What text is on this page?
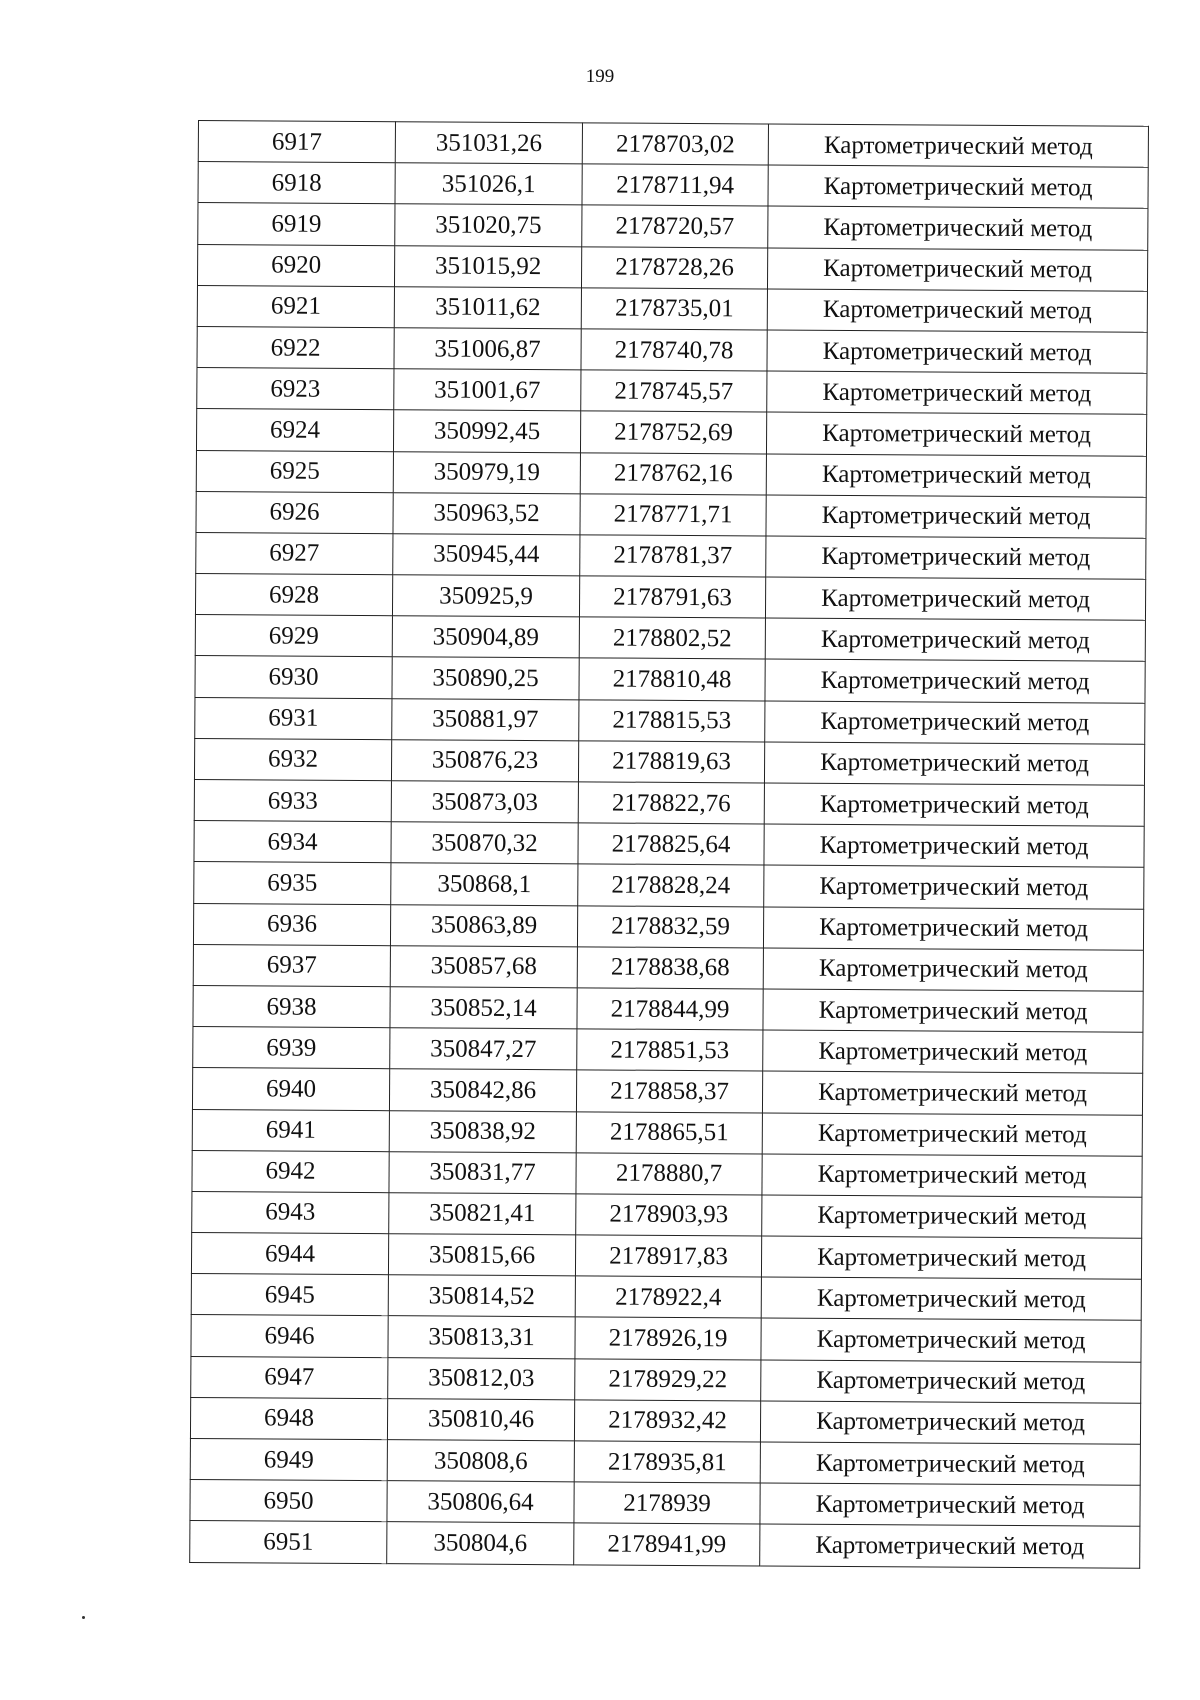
199
6917	351031,26	2178703,02	Картометрический метод
6918	351026,1	2178711,94	Картометрический метод
6919	351020,75	2178720,57	Картометрический метод
6920	351015,92	2178728,26	Картометрический метод
6921	351011,62	2178735,01	Картометрический метод
6922	351006,87	2178740,78	Картометрический метод
6923	351001,67	2178745,57	Картометрический метод
6924	350992,45	2178752,69	Картометрический метод
6925	350979,19	2178762,16	Картометрический метод
6926	350963,52	2178771,71	Картометрический метод
6927	350945,44	2178781,37	Картометрический метод
6928	350925,9	2178791,63	Картометрический метод
6929	350904,89	2178802,52	Картометрический метод
6930	350890,25	2178810,48	Картометрический метод
6931	350881,97	2178815,53	Картометрический метод
6932	350876,23	2178819,63	Картометрический метод
6933	350873,03	2178822,76	Картометрический метод
6934	350870,32	2178825,64	Картометрический метод
6935	350868,1	2178828,24	Картометрический метод
6936	350863,89	2178832,59	Картометрический метод
6937	350857,68	2178838,68	Картометрический метод
6938	350852,14	2178844,99	Картометрический метод
6939	350847,27	2178851,53	Картометрический метод
6940	350842,86	2178858,37	Картометрический метод
6941	350838,92	2178865,51	Картометрический метод
6942	350831,77	2178880,7	Картометрический метод
6943	350821,41	2178903,93	Картометрический метод
6944	350815,66	2178917,83	Картометрический метод
6945	350814,52	2178922,4	Картометрический метод
6946	350813,31	2178926,19	Картометрический метод
6947	350812,03	2178929,22	Картометрический метод
6948	350810,46	2178932,42	Картометрический метод
6949	350808,6	2178935,81	Картометрический метод
6950	350806,64	2178939	Картометрический метод
6951	350804,6	2178941,99	Картометрический метод
